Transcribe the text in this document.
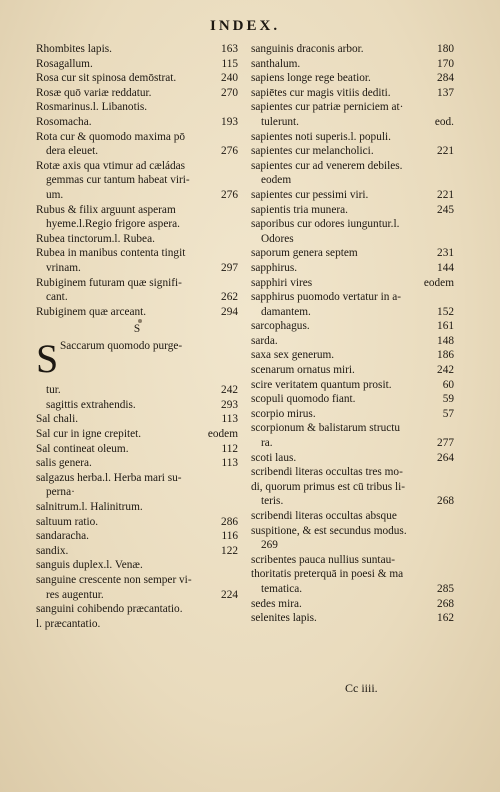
INDEX.
Rhombites lapis.	163
Rosagallum.	115
Rosa cur sit spinosa demōstrat.	240
Rosæ quō variæ reddatur.	270
Rosmarinus.l. Libanotis.
Rosomacha.	193
Rota cur & quomodo maxima pō
dera eleuet.	276
Rotæ axis qua vtimur ad cæládas
gemmas cur tantum habeat viri-
um.	276
Rubus & filix arguunt asperam
hyeme.l.Regio frigore aspera.
Rubea tinctorum.l. Rubea.
Rubea in manibus contenta tingit
vrinam.	297
Rubiginem futuram quæ signifi-
cant.	262
Rubiginem quæ arceant.	294
S
S Saccarum quomodo purge-
tur.	242
sagittis extrahendis.	293
Sal chali.	113
Sal cur in igne crepitet.	eodem
Sal contineat oleum.	112
salis genera.	113
salgazus herba.l. Herba mari su-
perna·
salnitrum.l. Halinitrum.
saltuum ratio.	286
sandaracha.	116
sandix.	122
sanguis duplex.l. Venæ.
sanguine crescente non semper vi-
res augentur.	224
sanguini cohibendo præcantatio.
l. præcantatio.
sanguinis draconis arbor.	180
santhalum.	170
sapiens longe rege beatior.	284
sapiētes cur magis vitiis dediti.	137
sapientes cur patriæ perniciem at·
tulerunt.	eod.
sapientes noti superis.l. populi.
sapientes cur melancholici.	221
sapientes cur ad venerem debiles.
eodem
sapientes cur pessimi viri.	221
sapientis tria munera.	245
saporibus cur odores iunguntur.l.
Odores
saporum genera septem	231
sapphirus.	144
sapphiri vires	eodem
sapphirus puomodo vertatur in a-
damantem.	152
sarcophagus.	161
sarda.	148
saxa sex generum.	186
scenarum ornatus miri.	242
scire veritatem quantum prosit.	60
scopuli quomodo fiant.	59
scorpio mirus.	57
scorpionum & balistarum structu
ra.	277
scoti laus.	264
scribendi literas occultas tres mo-
di, quorum primus est cū tribus li-
teris.	268
scribendi literas occultas absque
suspitione, & est secundus modus.
269
scribentes pauca nullius suntau-
thoritatis preterquā in poesi & ma
tematica.	285
sedes mira.	268
selenites lapis.	162
Cc iiii.
